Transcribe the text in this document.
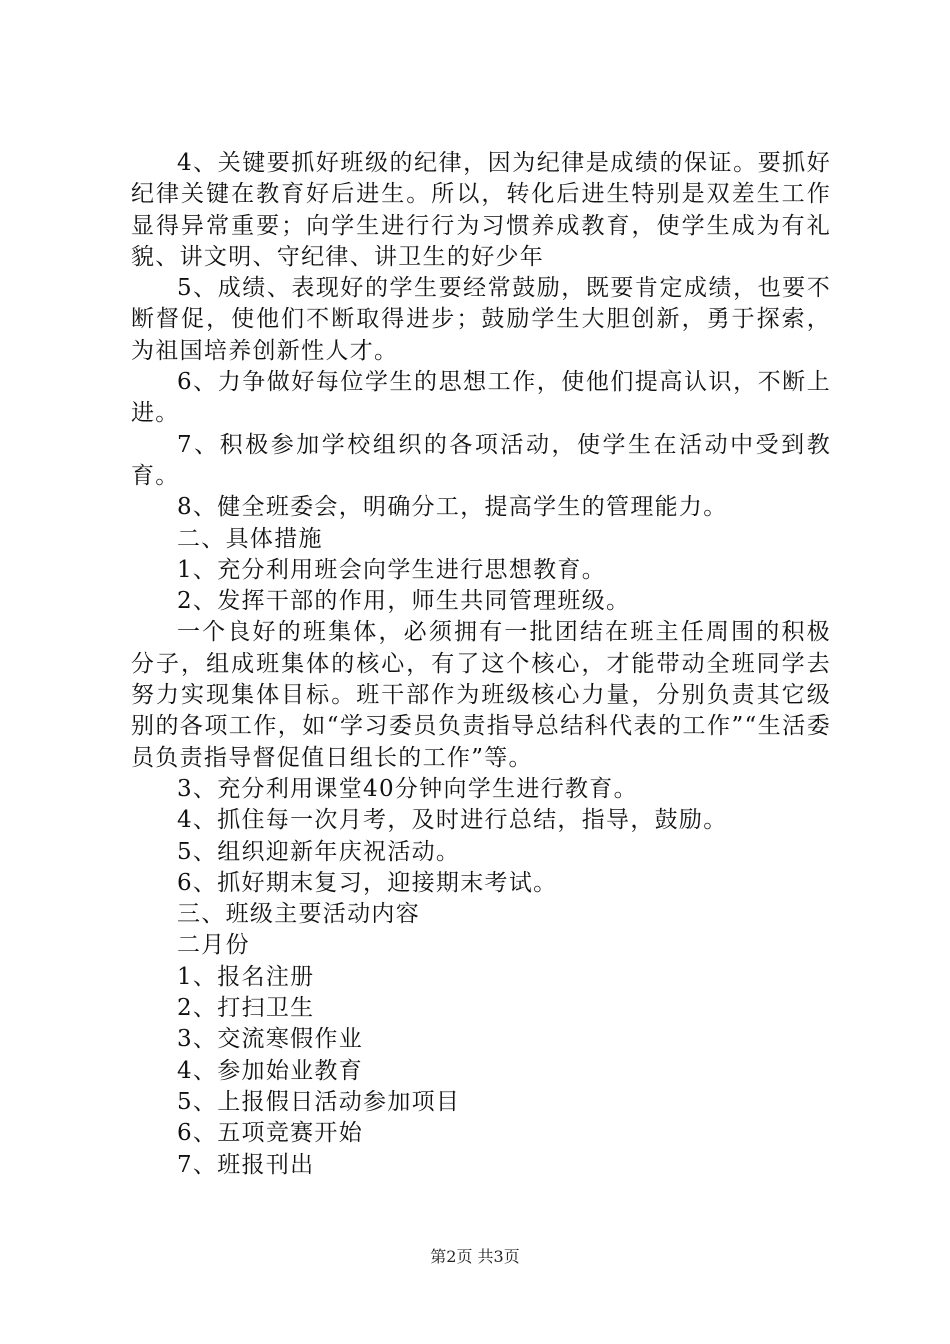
4、关键要抓好班级的纪律，因为纪律是成绩的保证。要抓好纪律关键在教育好后进生。所以，转化后进生特别是双差生工作显得异常重要；向学生进行行为习惯养成教育，使学生成为有礼貌、讲文明、守纪律、讲卫生的好少年

5、成绩、表现好的学生要经常鼓励，既要肯定成绩，也要不断督促，使他们不断取得进步；鼓励学生大胆创新，勇于探索，为祖国培养创新性人才。

6、力争做好每位学生的思想工作，使他们提高认识，不断上进。

7、积极参加学校组织的各项活动，使学生在活动中受到教育。

8、健全班委会，明确分工，提高学生的管理能力。

二、具体措施

1、充分利用班会向学生进行思想教育。

2、发挥干部的作用，师生共同管理班级。

一个良好的班集体，必须拥有一批团结在班主任周围的积极分子，组成班集体的核心，有了这个核心，才能带动全班同学去努力实现集体目标。班干部作为班级核心力量，分别负责其它级别的各项工作，如“学习委员负责指导总结科代表的工作”“生活委员负责指导督促值日组长的工作”等。

3、充分利用课堂40分钟向学生进行教育。

4、抓住每一次月考，及时进行总结，指导，鼓励。

5、组织迎新年庆祝活动。

6、抓好期末复习，迎接期末考试。

三、班级主要活动内容

二月份

1、报名注册

2、打扫卫生

3、交流寒假作业

4、参加始业教育

5、上报假日活动参加项目

6、五项竞赛开始

7、班报刊出

第2页 共3页
